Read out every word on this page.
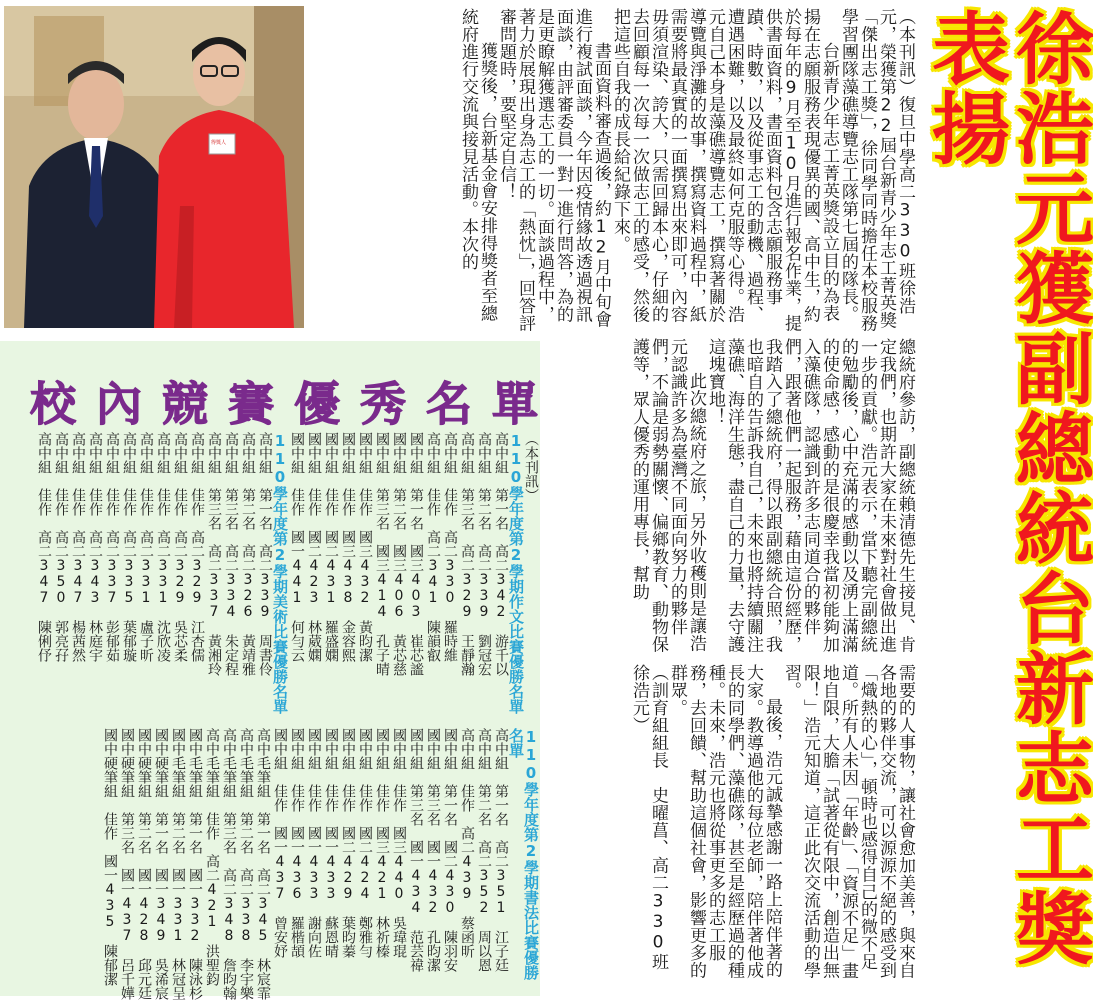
徐浩元獲副總統台新志工獎表揚
得獎人	（本刊訊）復旦中學高二330班徐浩元，榮獲第22屆台新青少年志工菁英獎「傑出志工獎」，徐同學同時擔任本校服務學習團隊藻礁導覽志工隊第七屆的隊長。

台新青少年志工菁英獎設立目的為表揚在志願服務表現優異的國、高中生，約於每年的9月至10月進行報名作業，提供書面資料，書面資料包含志願服務事蹟、時數，以及從事志工的動機、過程、遭遇困難，以及最終如何克服等心得。浩元自己本身是藻礁導覽志工，撰寫著關於導覽與淨灘的故事，撰寫資料過程中，紙需要將最真實的一面撰寫出來即可，內容毋須渲染、誇大，只需回歸本心，仔細的去回顧每一次每一次做志工的感受，然後把這些自我的成長給紀錄下來。

書面資料審查過後，約12月中旬會進行複試面談，今年因疫情緣故透過視訊面談，由評審委員一對一進行問答，為的是更瞭解獲選志工的一切。面談過程中，著力於展現出身為志工的「熱忱」，回答評審問題時，要堅定自信！

獲獎後，台新基金會安排得獎者至總統府進行交流與接見活動。本次的

總統府參訪，副總統賴清德先生接見、肯定我們，也期許大家在未來對社會做出進一步的貢獻。浩元表示，當下聽完副總統的勉勵後，心中充滿的感動以及湧上滿滿的使命感，感動的是很慶幸我當初能夠加入藻礁隊，認識到許多志同道合的夥伴們，跟著他們一起服務，藉由這份經歷，我踏入了總統府，得以跟副總統合照，我也暗自的告訴我自己，未來也將持續關注藻礁、海洋生態，盡自己的力量，去守護這塊寶地！

此次總統府之旅，另外收穫則是讓浩元認識許多為臺灣不同面向努力的夥伴們，不論是弱勢關懷、偏鄉教育、動物保護等，眾人優秀的運用專長，幫助

需要的人事物，讓社會愈加美善，與來自各地的夥伴交流，可以源源不絕的感受到「熾熱的心」，頓時也感得自己的微不足道。所有人未因「年齡」、「資源不足」畫地自限，大膽「試著從有限中，創造出無限！」浩元知道，這正此次交流活動的學習。

最後，浩元誠摯感謝一路上陪伴著的大家。教導過他的每位老師，陪伴著他成長的同學們、藻礁隊，甚至是經歷過的種種。未來，浩元也將從事更多的志工服務，去回饋、幫助這個社會，影響更多的群眾。

（訓育組組長　史曜菖、高二330班　徐浩元）

校內競賽優秀名單
（本刊訊）
110學年度第2學期作文比賽優勝名單
高中組　第一名　高二342　游千以
高中組　第二名　高二339　劉冠宏
高中組　第三名　高二329　王靜瀚
高中組　佳作　高二330　羅時維
高中組　佳作　高二341　陳韻叡
國中組　第一名　國三403　崔芯謐
國中組　第二名　國三406　黃芯慈
國中組　第三名　國三414　孔子晴
國中組　佳作　國三432　黃昀潔
國中組　佳作　國三438　金容熙
國中組　佳作　國二431　羅盛嫻
國中組　佳作　國二423　林葳嫻
國中組　佳作　國一441　何勻云
110學年度第2學期美術比賽優勝名單
高中組　第一名　高二339　周書伶
高中組　第二名　高二326　黃靖雅
高中組　第三名　高二334　朱定程
高中組　第三名　高二337　黃湘玲
高中組　佳作　高二329　江杏儒
高中組　佳作　高二329　吳芯柔
高中組　佳作　高二331　沈欣凌
高中組　佳作　高二331　盧子昕
高中組　佳作　高二335　葉郁璇
高中組　佳作　高二337　彭郁茹
高中組　佳作　高二343　林庭宇
高中組　佳作　高二347　楊茜然
高中組　佳作　高二350　郭亮孖
高中組　佳作　高二347　陳俐伃
110學年度第2學期書法比賽優勝名單
高中組　第一名　高二351　江子廷
高中組　第二名　高二352　周以恩
高中組　佳作　高二439　蔡函昕
國中組　第一名　國二430　陳羽安
國中組　第三名　國一432　孔昀潔
國中組　第三名　國一434　范芸禕
國中組　佳作　國三440　吳瑋琨
國中組　佳作　國三421　林祈榛
國中組　佳作　國二424　鄭雅勻
國中組　佳作　國二429　葉昀蓁
國中組　佳作　國一433　蘇恩晴
國中組　佳作　國一433　謝向佐
國中組　佳作　國一436　羅楷頡
國中組　佳作　國一437　曾安妤
高中毛筆組　第一名　高二345　林宸霏
高中毛筆組　第二名　高二338　李宇樂
高中毛筆組　第三名　高二348　詹昀翰
高中毛筆組　佳作　高二421　洪聖鈞
國中毛筆組　第一名　國一332　陳泳杉
國中毛筆組　第二名　國一331　林冠呈
國中硬筆組　第一名　國一349　吳浠宸
國中硬筆組　第二名　國一428　邱元廷
國中硬筆組　第三名　國一437　呂千嬅
國中硬筆組　佳作　國一435　陳郁潔
